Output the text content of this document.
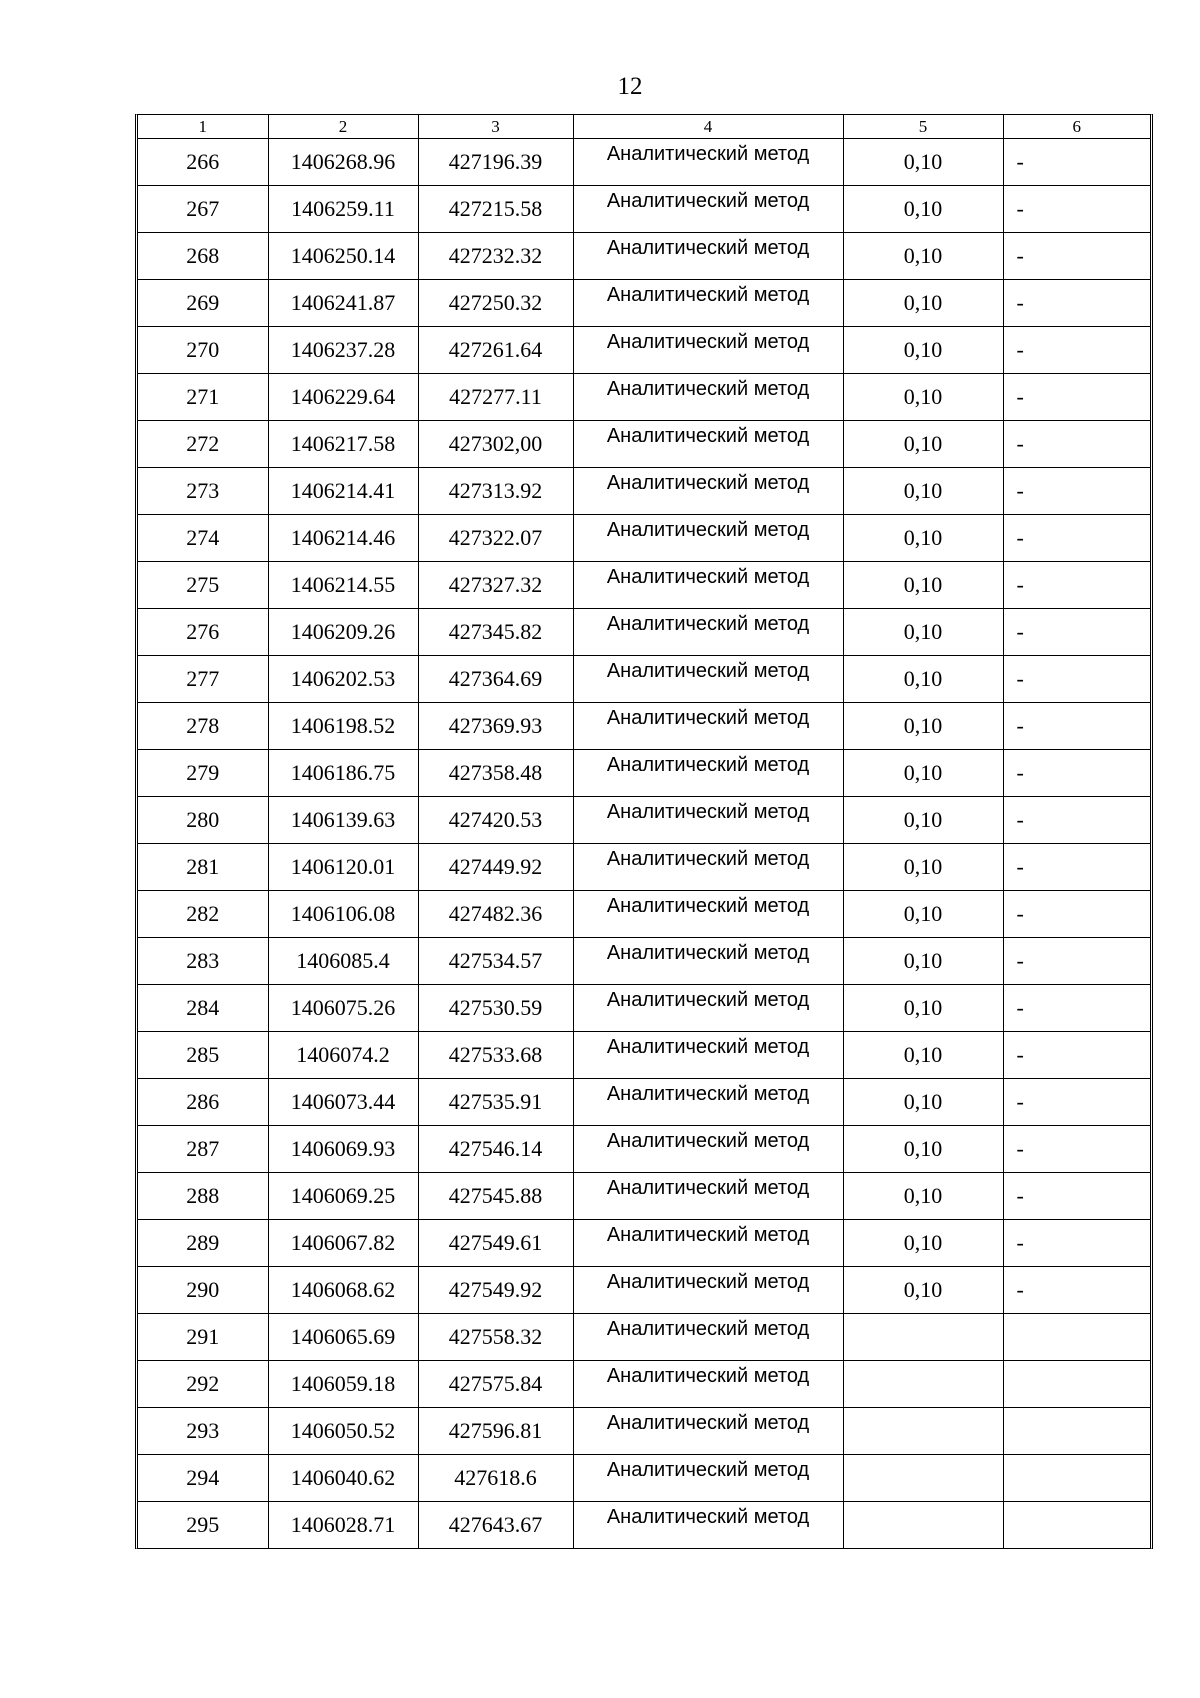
12
1	2	3	4	5	6
266	1406268.96	427196.39	Аналитический метод	0,10	-
267	1406259.11	427215.58	Аналитический метод	0,10	-
268	1406250.14	427232.32	Аналитический метод	0,10	-
269	1406241.87	427250.32	Аналитический метод	0,10	-
270	1406237.28	427261.64	Аналитический метод	0,10	-
271	1406229.64	427277.11	Аналитический метод	0,10	-
272	1406217.58	427302,00	Аналитический метод	0,10	-
273	1406214.41	427313.92	Аналитический метод	0,10	-
274	1406214.46	427322.07	Аналитический метод	0,10	-
275	1406214.55	427327.32	Аналитический метод	0,10	-
276	1406209.26	427345.82	Аналитический метод	0,10	-
277	1406202.53	427364.69	Аналитический метод	0,10	-
278	1406198.52	427369.93	Аналитический метод	0,10	-
279	1406186.75	427358.48	Аналитический метод	0,10	-
280	1406139.63	427420.53	Аналитический метод	0,10	-
281	1406120.01	427449.92	Аналитический метод	0,10	-
282	1406106.08	427482.36	Аналитический метод	0,10	-
283	1406085.4	427534.57	Аналитический метод	0,10	-
284	1406075.26	427530.59	Аналитический метод	0,10	-
285	1406074.2	427533.68	Аналитический метод	0,10	-
286	1406073.44	427535.91	Аналитический метод	0,10	-
287	1406069.93	427546.14	Аналитический метод	0,10	-
288	1406069.25	427545.88	Аналитический метод	0,10	-
289	1406067.82	427549.61	Аналитический метод	0,10	-
290	1406068.62	427549.92	Аналитический метод	0,10	-
291	1406065.69	427558.32	Аналитический метод		
292	1406059.18	427575.84	Аналитический метод		
293	1406050.52	427596.81	Аналитический метод		
294	1406040.62	427618.6	Аналитический метод		
295	1406028.71	427643.67	Аналитический метод		
